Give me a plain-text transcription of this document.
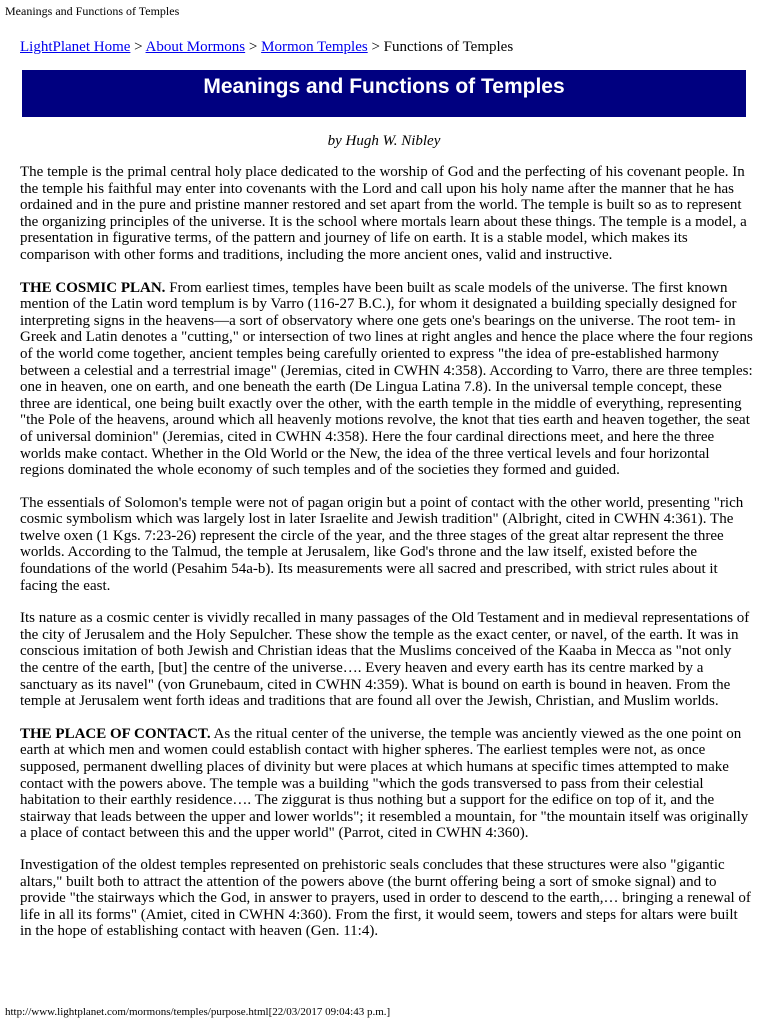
Meanings and Functions of Temples
LightPlanet Home > About Mormons > Mormon Temples > Functions of Temples
Meanings and Functions of Temples
by Hugh W. Nibley

The temple is the primal central holy place dedicated to the worship of God and the perfecting of his covenant people. In the temple his faithful may enter into covenants with the Lord and call upon his holy name after the manner that he has ordained and in the pure and pristine manner restored and set apart from the world. The temple is built so as to represent the organizing principles of the universe. It is the school where mortals learn about these things. The temple is a model, a presentation in figurative terms, of the pattern and journey of life on earth. It is a stable model, which makes its comparison with other forms and traditions, including the more ancient ones, valid and instructive.

THE COSMIC PLAN. From earliest times, temples have been built as scale models of the universe. The first known mention of the Latin word templum is by Varro (116-27 B.C.), for whom it designated a building specially designed for interpreting signs in the heavens—a sort of observatory where one gets one's bearings on the universe. The root tem- in Greek and Latin denotes a "cutting," or intersection of two lines at right angles and hence the place where the four regions of the world come together, ancient temples being carefully oriented to express "the idea of pre-established harmony between a celestial and a terrestrial image" (Jeremias, cited in CWHN 4:358). According to Varro, there are three temples: one in heaven, one on earth, and one beneath the earth (De Lingua Latina 7.8). In the universal temple concept, these three are identical, one being built exactly over the other, with the earth temple in the middle of everything, representing "the Pole of the heavens, around which all heavenly motions revolve, the knot that ties earth and heaven together, the seat of universal dominion" (Jeremias, cited in CWHN 4:358). Here the four cardinal directions meet, and here the three worlds make contact. Whether in the Old World or the New, the idea of the three vertical levels and four horizontal regions dominated the whole economy of such temples and of the societies they formed and guided.

The essentials of Solomon's temple were not of pagan origin but a point of contact with the other world, presenting "rich cosmic symbolism which was largely lost in later Israelite and Jewish tradition" (Albright, cited in CWHN 4:361). The twelve oxen (1 Kgs. 7:23-26) represent the circle of the year, and the three stages of the great altar represent the three worlds. According to the Talmud, the temple at Jerusalem, like God's throne and the law itself, existed before the foundations of the world (Pesahim 54a-b). Its measurements were all sacred and prescribed, with strict rules about it facing the east.

Its nature as a cosmic center is vividly recalled in many passages of the Old Testament and in medieval representations of the city of Jerusalem and the Holy Sepulcher. These show the temple as the exact center, or navel, of the earth. It was in conscious imitation of both Jewish and Christian ideas that the Muslims conceived of the Kaaba in Mecca as "not only the centre of the earth, [but] the centre of the universe…. Every heaven and every earth has its centre marked by a sanctuary as its navel" (von Grunebaum, cited in CWHN 4:359). What is bound on earth is bound in heaven. From the temple at Jerusalem went forth ideas and traditions that are found all over the Jewish, Christian, and Muslim worlds.

THE PLACE OF CONTACT. As the ritual center of the universe, the temple was anciently viewed as the one point on earth at which men and women could establish contact with higher spheres. The earliest temples were not, as once supposed, permanent dwelling places of divinity but were places at which humans at specific times attempted to make contact with the powers above. The temple was a building "which the gods transversed to pass from their celestial habitation to their earthly residence…. The ziggurat is thus nothing but a support for the edifice on top of it, and the stairway that leads between the upper and lower worlds"; it resembled a mountain, for "the mountain itself was originally a place of contact between this and the upper world" (Parrot, cited in CWHN 4:360).

Investigation of the oldest temples represented on prehistoric seals concludes that these structures were also "gigantic altars," built both to attract the attention of the powers above (the burnt offering being a sort of smoke signal) and to provide "the stairways which the God, in answer to prayers, used in order to descend to the earth,… bringing a renewal of life in all its forms" (Amiet, cited in CWHN 4:360). From the first, it would seem, towers and steps for altars were built in the hope of establishing contact with heaven (Gen. 11:4).

http://www.lightplanet.com/mormons/temples/purpose.html[22/03/2017 09:04:43 p.m.]
